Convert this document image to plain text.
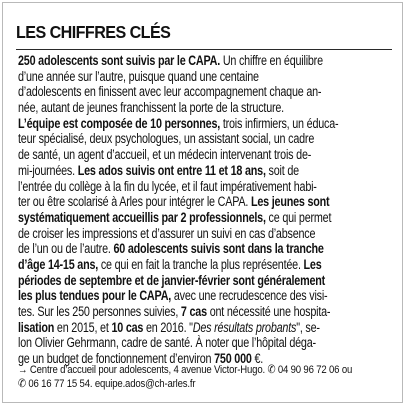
LES CHIFFRES CLÉS
250 adolescents sont suivis par le CAPA. Un chiffre en équilibre
d’une année sur l’autre, puisque quand une centaine
d’adolescents en finissent avec leur accompagnement chaque an-
née, autant de jeunes franchissent la porte de la structure.
L’équipe est composée de 10 personnes, trois infirmiers, un éduca-
teur spécialisé, deux psychologues, un assistant social, un cadre
de santé, un agent d’accueil, et un médecin intervenant trois de-
mi-journées. Les ados suivis ont entre 11 et 18 ans, soit de
l’entrée du collège à la fin du lycée, et il faut impérativement habi-
ter ou être scolarisé à Arles pour intégrer le CAPA. Les jeunes sont
systématiquement accueillis par 2 professionnels, ce qui permet
de croiser les impressions et d’assurer un suivi en cas d’absence
de l’un ou de l’autre. 60 adolescents suivis sont dans la tranche
d’âge 14-15 ans, ce qui en fait la tranche la plus représentée. Les
périodes de septembre et de janvier-février sont généralement
les plus tendues pour le CAPA, avec une recrudescence des visi-
tes. Sur les 250 personnes suivies, 7 cas ont nécessité une hospita-
lisation en 2015, et 10 cas en 2016. "Des résultats probants", se-
lon Olivier Gehrmann, cadre de santé. À noter que l’hôpital déga-
ge un budget de fonctionnement d’environ 750 000 €.
→ Centre d’accueil pour adolescents, 4 avenue Victor-Hugo. ✆ 04 90 96 72 06 ou
✆ 06 16 77 15 54. equipe.ados@ch-arles.fr
